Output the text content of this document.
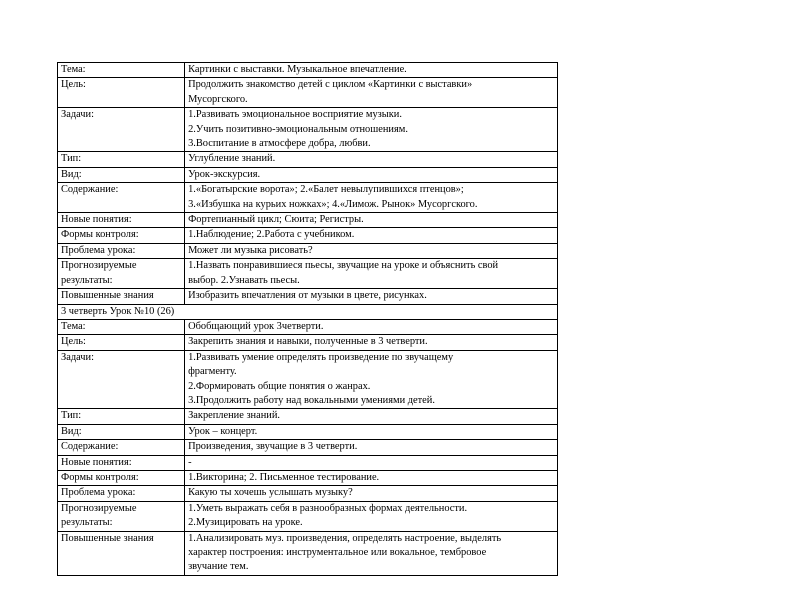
Тема:	Картинки с выставки. Музыкальное впечатление.
Цель:	Продолжить знакомство детей с циклом «Картинки с выставки»
Мусоргского.

Задачи:	1.Развивать эмоциональное восприятие музыки.
2.Учить позитивно-эмоциональным отношениям.
3.Воспитание в атмосфере добра, любви.

Тип:	Углубление знаний.
Вид:	Урок-экскурсия.
Содержание:	1.«Богатырские ворота»; 2.«Балет невылупившихся птенцов»;
3.«Избушка на курьих ножках»; 4.«Лимож. Рынок» Мусоргского.

Новые понятия:	Фортепианный цикл; Сюита; Регистры.
Формы контроля:	1.Наблюдение; 2.Работа с учебником.
Проблема урока:	Может ли музыка рисовать?

Прогнозируемые
результаты:	1.Назвать понравившиеся пьесы, звучащие на уроке и объяснить свой
выбор. 2.Узнавать пьесы.

Повышенные знания	Изобразить впечатления от музыки в цвете, рисунках.
3 четверть Урок №10 (26)	
Тема:	Обобщающий урок 3четверти.
Цель:	Закрепить знания и навыки, полученные в 3 четверти.
Задачи:	1.Развивать умение определять произведение по звучащему
фрагменту.
2.Формировать общие понятия о жанрах.
3.Продолжить работу над вокальными умениями детей.

Тип:	Закрепление знаний.
Вид:	Урок – концерт.
Содержание:	Произведения, звучащие в 3 четверти.
Новые понятия:	-
Формы контроля:	1.Викторина; 2. Письменное тестирование.
Проблема урока:	Какую ты хочешь услышать музыку?

Прогнозируемые
результаты:	1.Уметь выражать себя в разнообразных формах деятельности.
2.Музицировать на уроке.

Повышенные знания	1.Анализировать муз. произведения, определять настроение, выделять
характер построения: инструментальное или вокальное, тембровое
звучание тем.
